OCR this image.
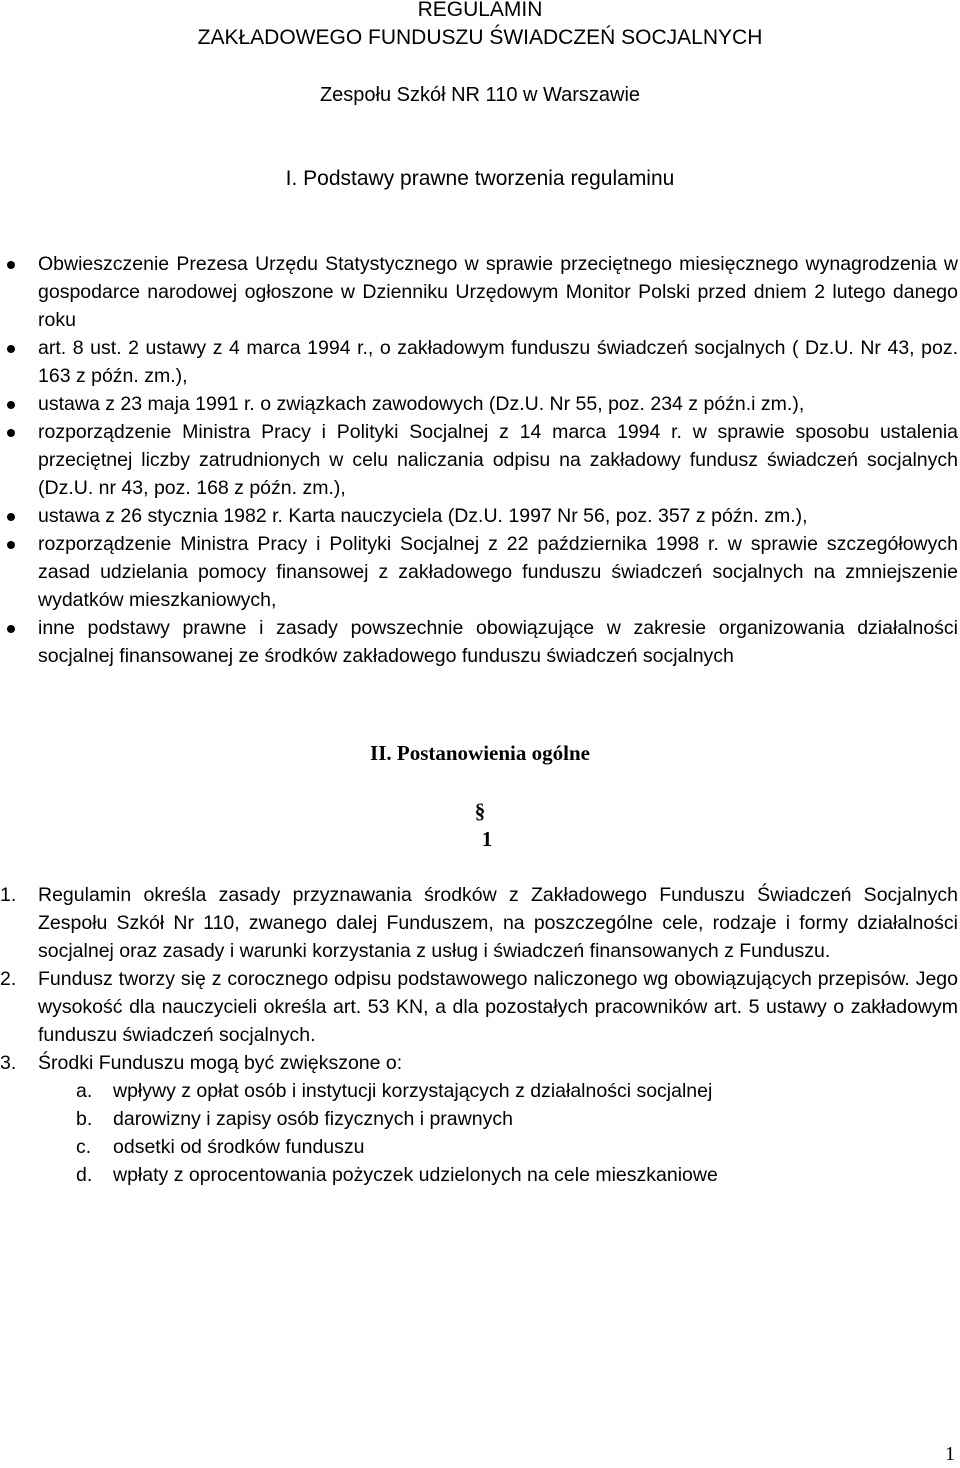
REGULAMIN
ZAKŁADOWEGO FUNDUSZU ŚWIADCZEŃ SOCJALNYCH
Zespołu Szkół NR 110 w Warszawie
I. Podstawy prawne tworzenia regulaminu
Obwieszczenie Prezesa Urzędu Statystycznego w sprawie przeciętnego miesięcznego wynagrodzenia w gospodarce narodowej ogłoszone w Dzienniku Urzędowym Monitor Polski przed dniem 2 lutego danego roku
art. 8 ust. 2 ustawy z 4 marca 1994 r., o zakładowym funduszu świadczeń socjalnych ( Dz.U. Nr 43, poz. 163 z późn. zm.),
ustawa z 23 maja 1991 r. o związkach zawodowych (Dz.U. Nr 55, poz. 234 z późn.i zm.),
rozporządzenie Ministra Pracy i Polityki Socjalnej z 14 marca 1994 r. w sprawie sposobu ustalenia przeciętnej liczby zatrudnionych w celu naliczania odpisu na zakładowy fundusz świadczeń socjalnych (Dz.U. nr 43, poz. 168 z późn. zm.),
ustawa z 26 stycznia 1982 r. Karta nauczyciela (Dz.U. 1997 Nr 56, poz. 357 z późn. zm.),
rozporządzenie Ministra Pracy i Polityki Socjalnej z 22 października 1998 r. w sprawie szczegółowych zasad udzielania pomocy finansowej z zakładowego funduszu świadczeń socjalnych na zmniejszenie wydatków mieszkaniowych,
inne podstawy prawne i zasady powszechnie obowiązujące w zakresie organizowania działalności socjalnej finansowanej ze środków zakładowego funduszu świadczeń socjalnych
II. Postanowienia ogólne
§
1
1. Regulamin określa zasady przyznawania środków z Zakładowego Funduszu Świadczeń Socjalnych Zespołu Szkół Nr 110, zwanego dalej Funduszem, na poszczególne cele, rodzaje i formy działalności socjalnej oraz zasady i warunki korzystania z usług i świadczeń finansowanych z Funduszu.
2. Fundusz tworzy się z corocznego odpisu podstawowego naliczonego wg obowiązujących przepisów. Jego wysokość dla nauczycieli określa art. 53 KN, a dla pozostałych pracowników art. 5 ustawy o zakładowym funduszu świadczeń socjalnych.
3. Środki Funduszu mogą być zwiększone o:
a. wpływy z opłat osób i instytucji korzystających z działalności socjalnej
b. darowizny i zapisy osób fizycznych i prawnych
c. odsetki od środków funduszu
d. wpłaty z oprocentowania pożyczek udzielonych na cele mieszkaniowe
1
